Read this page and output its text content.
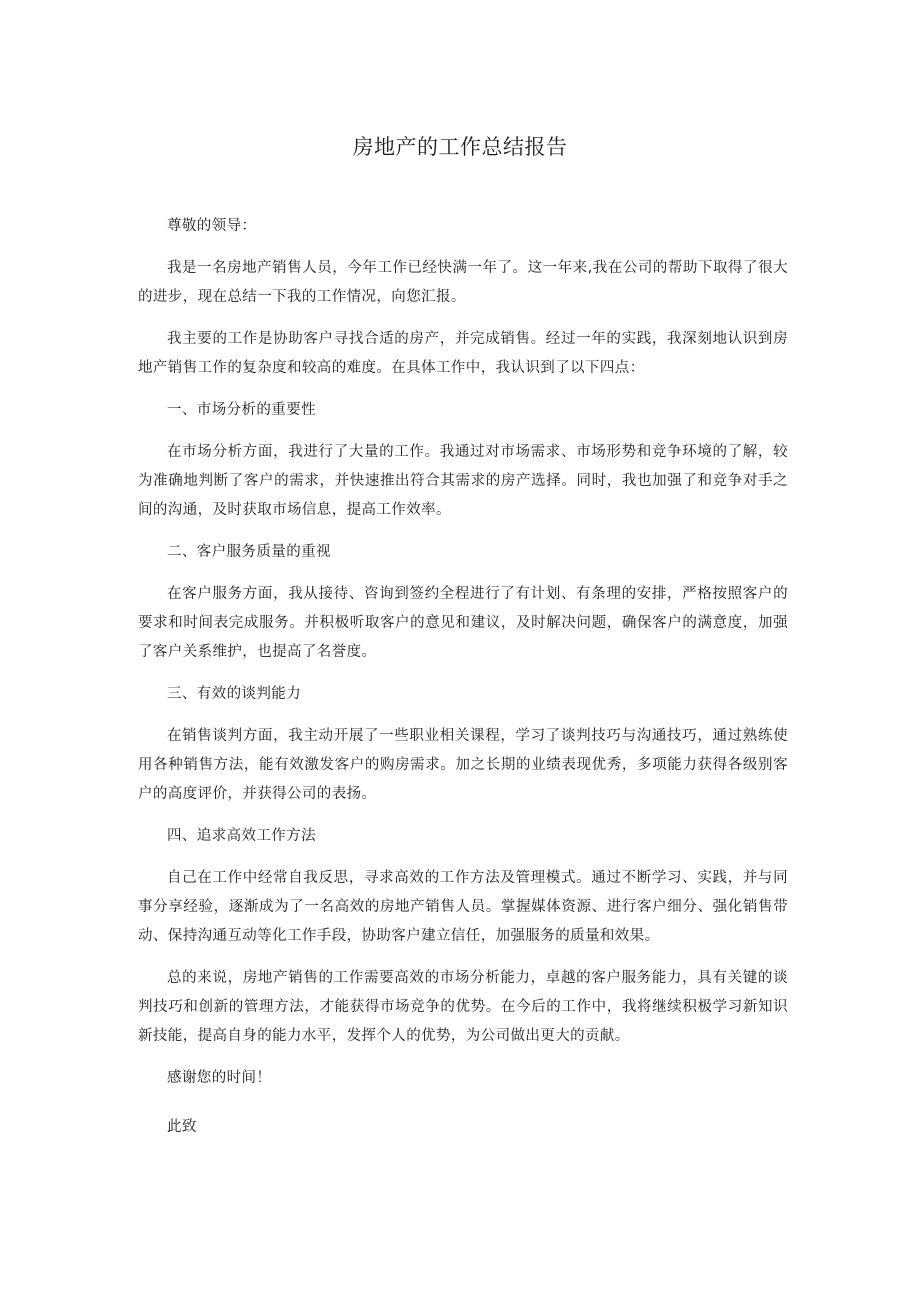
房地产的工作总结报告

尊敬的领导：

我是一名房地产销售人员，今年工作已经快满一年了。这一年来,我在公司的帮助下取得了很大的进步，现在总结一下我的工作情况，向您汇报。

我主要的工作是协助客户寻找合适的房产，并完成销售。经过一年的实践，我深刻地认识到房地产销售工作的复杂度和较高的难度。在具体工作中，我认识到了以下四点：

一、市场分析的重要性

在市场分析方面，我进行了大量的工作。我通过对市场需求、市场形势和竞争环境的了解，较为准确地判断了客户的需求，并快速推出符合其需求的房产选择。同时，我也加强了和竞争对手之间的沟通，及时获取市场信息，提高工作效率。

二、客户服务质量的重视

在客户服务方面，我从接待、咨询到签约全程进行了有计划、有条理的安排，严格按照客户的要求和时间表完成服务。并积极听取客户的意见和建议，及时解决问题，确保客户的满意度，加强了客户关系维护，也提高了名誉度。

三、有效的谈判能力

在销售谈判方面，我主动开展了一些职业相关课程，学习了谈判技巧与沟通技巧，通过熟练使用各种销售方法，能有效激发客户的购房需求。加之长期的业绩表现优秀，多项能力获得各级别客户的高度评价，并获得公司的表扬。

四、追求高效工作方法

自己在工作中经常自我反思，寻求高效的工作方法及管理模式。通过不断学习、实践，并与同事分享经验，逐渐成为了一名高效的房地产销售人员。掌握媒体资源、进行客户细分、强化销售带动、保持沟通互动等化工作手段，协助客户建立信任，加强服务的质量和效果。

总的来说，房地产销售的工作需要高效的市场分析能力，卓越的客户服务能力，具有关键的谈判技巧和创新的管理方法，才能获得市场竞争的优势。在今后的工作中，我将继续积极学习新知识新技能，提高自身的能力水平，发挥个人的优势，为公司做出更大的贡献。

感谢您的时间！

此致
